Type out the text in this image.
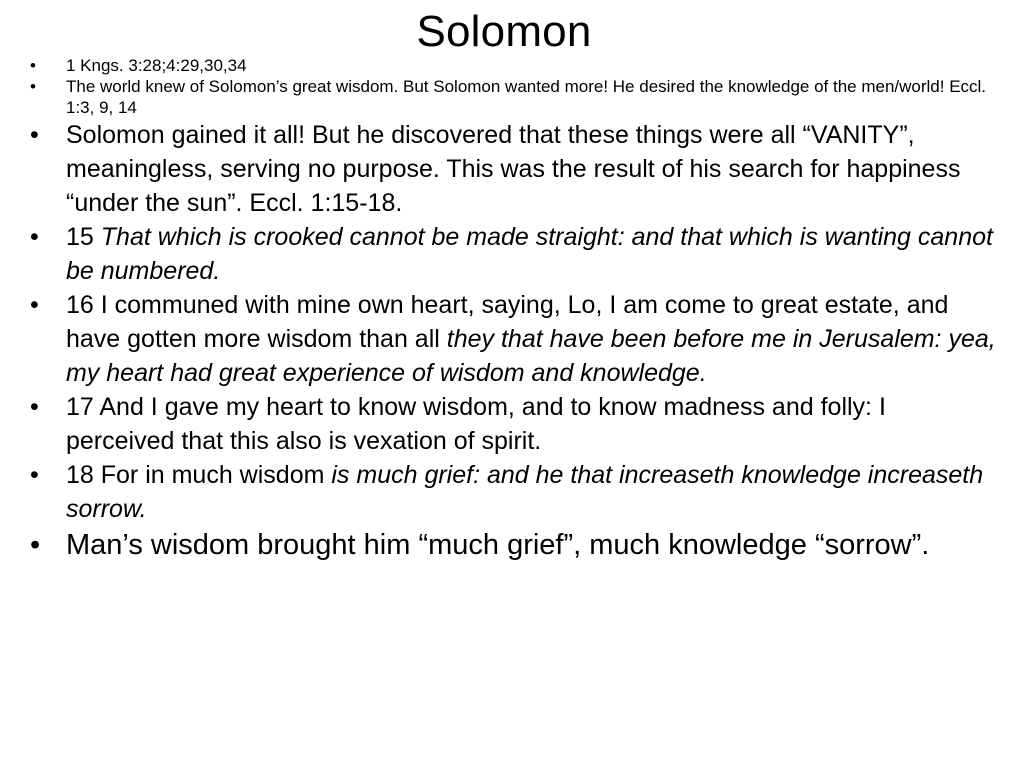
Solomon
• 1 Kngs. 3:28;4:29,30,34
• The world knew of Solomon’s great wisdom. But Solomon wanted more! He desired the knowledge of the men/world! Eccl. 1:3, 9, 14
• Solomon gained it all! But he discovered that these things were all “VANITY”, meaningless, serving no purpose. This was the result of his search for happiness “under the sun”. Eccl. 1:15-18.
• 15 That which is crooked cannot be made straight: and that which is wanting cannot be numbered.
• 16 I communed with mine own heart, saying, Lo, I am come to great estate, and have gotten more wisdom than all they that have been before me in Jerusalem: yea, my heart had great experience of wisdom and knowledge.
• 17 And I gave my heart to know wisdom, and to know madness and folly: I perceived that this also is vexation of spirit.
• 18 For in much wisdom is much grief: and he that increaseth knowledge increaseth sorrow.
• Man’s wisdom brought him “much grief”, much knowledge “sorrow”.
